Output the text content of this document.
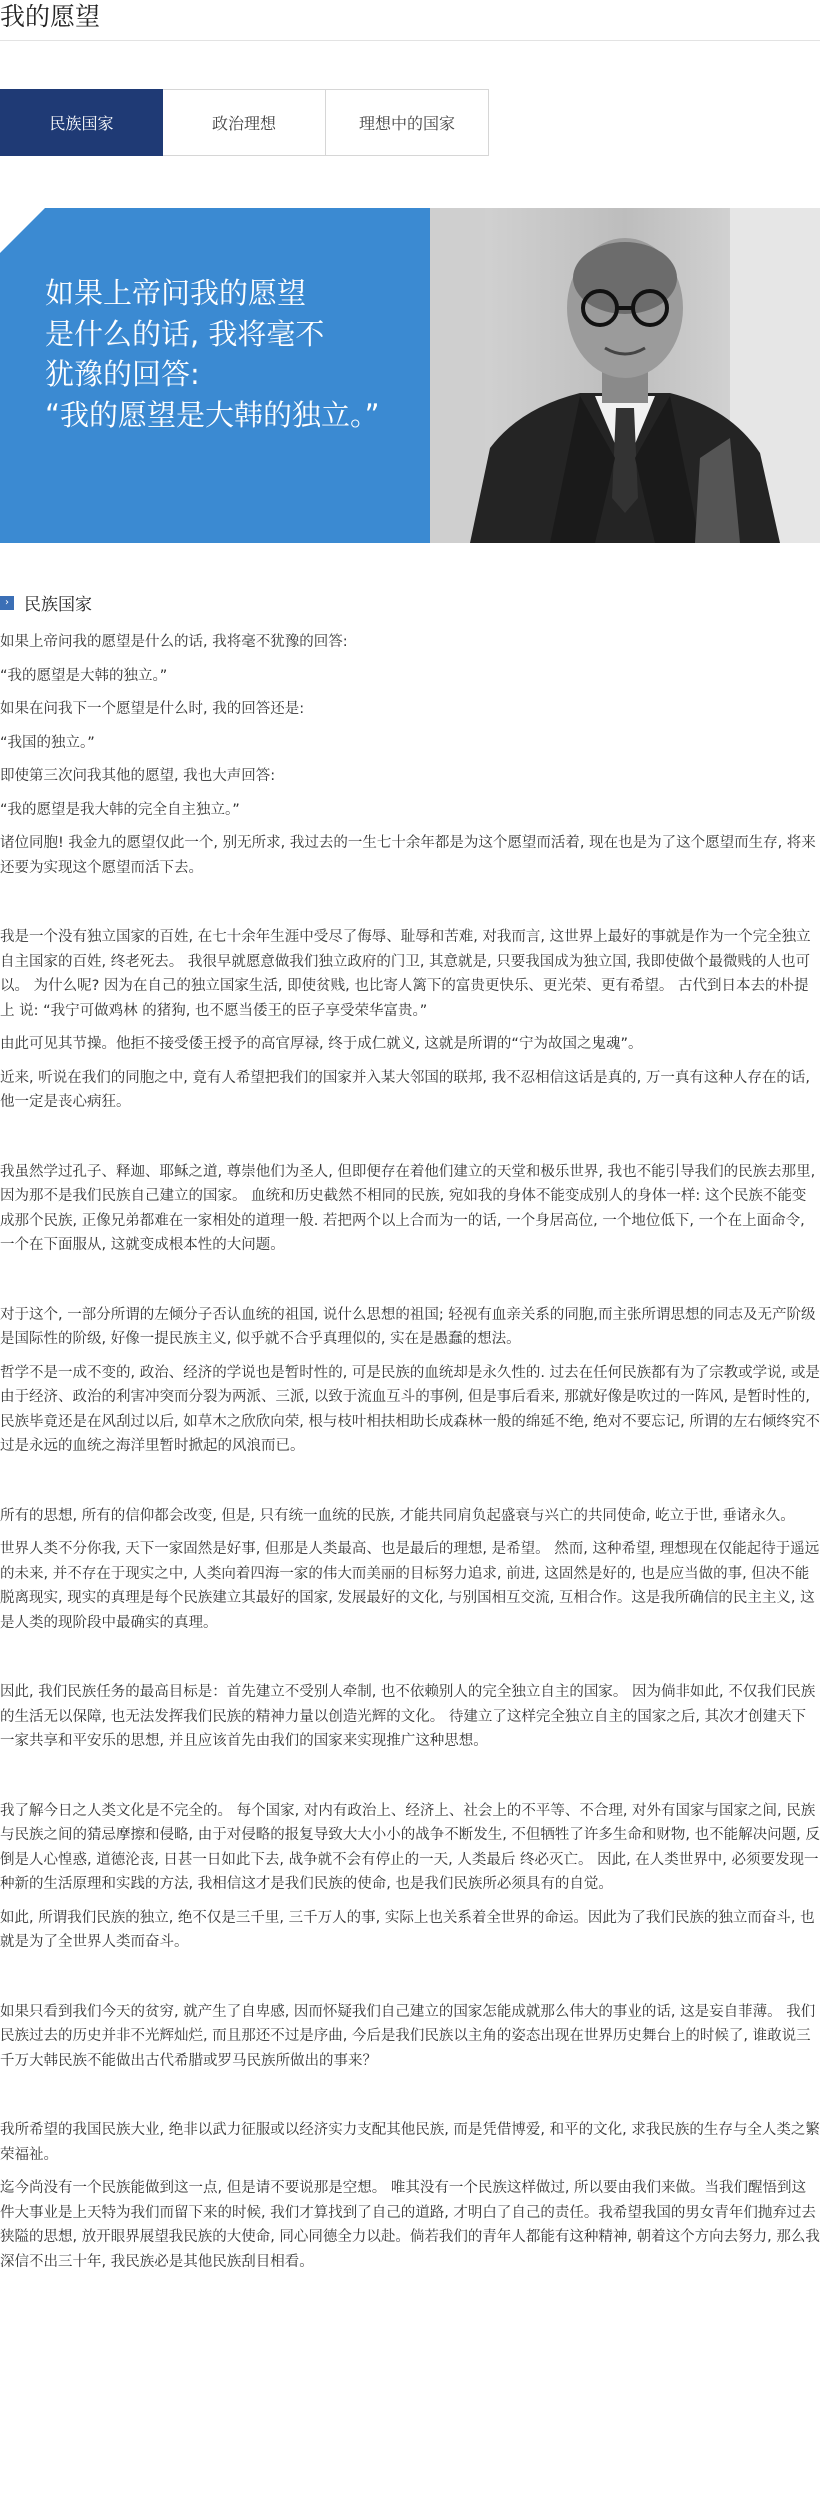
我的愿望
民族国家	政治理想	理想中的国家
如果上帝问我的愿望
是什么的话, 我将毫不
犹豫的回答:
“我的愿望是大韩的独立。”
› 民族国家

如果上帝问我的愿望是什么的话, 我将毫不犹豫的回答:

“我的愿望是大韩的独立。”

如果在问我下一个愿望是什么时, 我的回答还是:

“我国的独立。”

即使第三次问我其他的愿望, 我也大声回答:

“我的愿望是我大韩的完全自主独立。”

诸位同胞! 我金九的愿望仅此一个, 别无所求, 我过去的一生七十余年都是为这个愿望而活着, 现在也是为了这个愿望而生存, 将来还要为实现这个愿望而活下去。

我是一个没有独立国家的百姓, 在七十余年生涯中受尽了侮辱、耻辱和苦难, 对我而言, 这世界上最好的事就是作为一个完全独立自主国家的百姓, 终老死去。 我很早就愿意做我们独立政府的门卫, 其意就是, 只要我国成为独立国, 我即使做个最微贱的人也可以。 为什么呢? 因为在自己的独立国家生活, 即使贫贱, 也比寄人篱下的富贵更快乐、更光荣、更有希望。 古代到日本去的朴提上 说: “我宁可做鸡林 的猪狗, 也不愿当倭王的臣子享受荣华富贵。”

由此可见其节操。他拒不接受倭王授予的高官厚禄, 终于成仁就义, 这就是所谓的“宁为故国之鬼魂”。

近来, 听说在我们的同胞之中, 竟有人希望把我们的国家并入某大邻国的联邦, 我不忍相信这话是真的, 万一真有这种人存在的话, 他一定是丧心病狂。

我虽然学过孔子、释迦、耶稣之道, 尊崇他们为圣人, 但即便存在着他们建立的天堂和极乐世界, 我也不能引导我们的民族去那里, 因为那不是我们民族自己建立的国家。 血统和历史截然不相同的民族, 宛如我的身体不能变成别人的身体一样: 这个民族不能变成那个民族, 正像兄弟都难在一家相处的道理一般. 若把两个以上合而为一的话, 一个身居高位, 一个地位低下, 一个在上面命令, 一个在下面服从, 这就变成根本性的大问题。

对于这个, 一部分所谓的左倾分子否认血统的祖国, 说什么思想的祖国; 轻视有血亲关系的同胞,而主张所谓思想的同志及无产阶级是国际性的阶级, 好像一提民族主义, 似乎就不合乎真理似的, 实在是愚蠢的想法。

哲学不是一成不变的, 政治、经济的学说也是暂时性的, 可是民族的血统却是永久性的. 过去在任何民族都有为了宗教或学说, 或是由于经济、政治的利害冲突而分裂为两派、三派, 以致于流血互斗的事例, 但是事后看来, 那就好像是吹过的一阵风, 是暂时性的, 民族毕竟还是在风刮过以后, 如草木之欣欣向荣, 根与枝叶相扶相助长成森林一般的绵延不绝, 绝对不要忘记, 所谓的左右倾终究不过是永远的血统之海洋里暂时掀起的风浪而已。

所有的思想, 所有的信仰都会改变, 但是, 只有统一血统的民族, 才能共同肩负起盛衰与兴亡的共同使命, 屹立于世, 垂诸永久。

世界人类不分你我, 天下一家固然是好事, 但那是人类最高、也是最后的理想, 是希望。 然而, 这种希望, 理想现在仅能起待于遥远的未来, 并不存在于现实之中, 人类向着四海一家的伟大而美丽的目标努力追求, 前进, 这固然是好的, 也是应当做的事, 但决不能脱离现实, 现实的真理是每个民族建立其最好的国家, 发展最好的文化, 与别国相互交流, 互相合作。这是我所确信的民主主义, 这是人类的现阶段中最确实的真理。

因此, 我们民族任务的最高目标是：首先建立不受别人牵制, 也不依赖别人的完全独立自主的国家。 因为倘非如此, 不仅我们民族的生活无以保障, 也无法发挥我们民族的精神力量以创造光辉的文化。 待建立了这样完全独立自主的国家之后, 其次才创建天下一家共享和平安乐的思想, 并且应该首先由我们的国家来实现推广这种思想。

我了解今日之人类文化是不完全的。 每个国家, 对内有政治上、经济上、社会上的不平等、不合理, 对外有国家与国家之间, 民族与民族之间的猜忌摩擦和侵略, 由于对侵略的报复导致大大小小的战争不断发生, 不但牺牲了许多生命和财物, 也不能解决问题, 反倒是人心惶惑, 道德沦丧, 日甚一日如此下去, 战争就不会有停止的一天, 人类最后 终必灭亡。 因此, 在人类世界中, 必须要发现一种新的生活原理和实践的方法, 我相信这才是我们民族的使命, 也是我们民族所必须具有的自觉。

如此, 所谓我们民族的独立, 绝不仅是三千里, 三千万人的事, 实际上也关系着全世界的命运。因此为了我们民族的独立而奋斗, 也就是为了全世界人类而奋斗。

如果只看到我们今天的贫穷, 就产生了自卑感, 因而怀疑我们自己建立的国家怎能成就那么伟大的事业的话, 这是妄自菲薄。 我们民族过去的历史并非不光辉灿烂, 而且那还不过是序曲, 今后是我们民族以主角的姿态出现在世界历史舞台上的时候了, 谁敢说三千万大韩民族不能做出古代希腊或罗马民族所做出的事来？

我所希望的我国民族大业, 绝非以武力征服或以经济实力支配其他民族, 而是凭借博爱, 和平的文化, 求我民族的生存与全人类之繁荣福祉。

迄今尚没有一个民族能做到这一点, 但是请不要说那是空想。 唯其没有一个民族这样做过, 所以要由我们来做。当我们醒悟到这件大事业是上天特为我们而留下来的时候, 我们才算找到了自己的道路, 才明白了自己的责任。我希望我国的男女青年们抛弃过去狭隘的思想, 放开眼界展望我民族的大使命, 同心同德全力以赴。倘若我们的青年人都能有这种精神, 朝着这个方向去努力, 那么我深信不出三十年, 我民族必是其他民族刮目相看。
